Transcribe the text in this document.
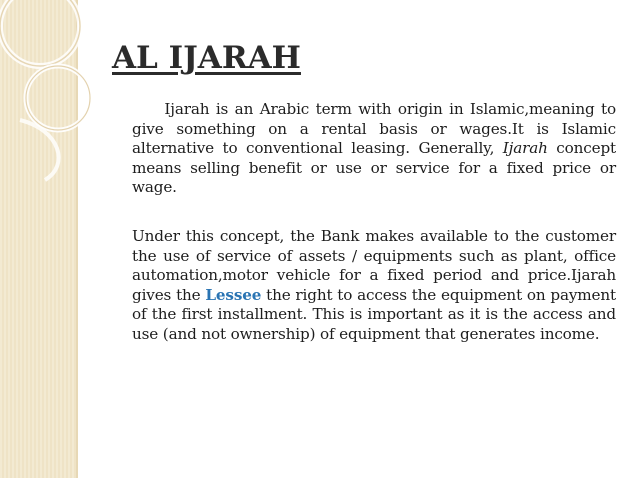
AL IJARAH

Ijarah is an Arabic term with origin in Islamic,meaning to give something on a rental basis or wages.It is Islamic alternative to conventional leasing. Generally, Ijarah concept means selling benefit or use or service for a fixed price or wage.

Under this concept, the Bank makes available to the customer the use of service of assets / equipments such as plant, office automation,motor vehicle for a fixed period and price.Ijarah gives the Lessee the right to access the equipment on payment of the first installment. This is important as it is the access and use (and not ownership) of equipment that generates income.
